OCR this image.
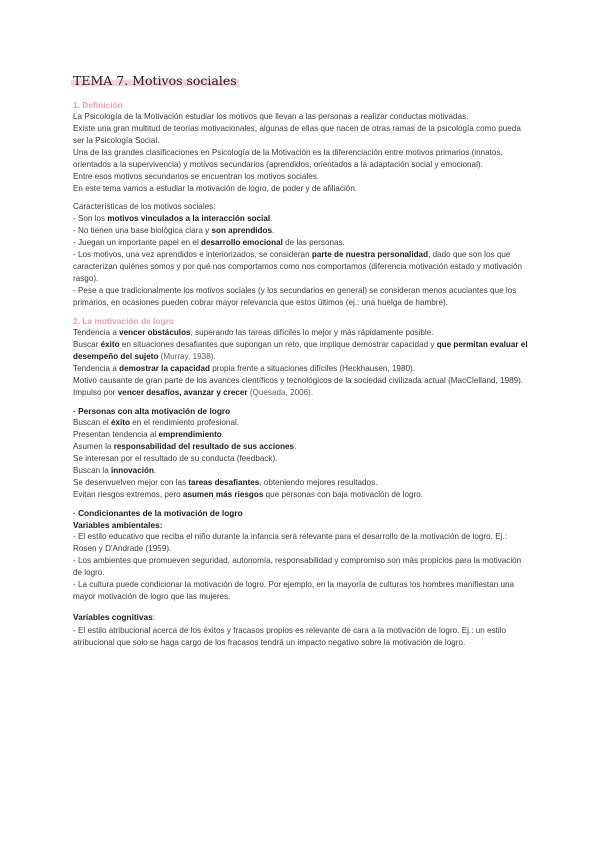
TEMA 7. Motivos sociales
1. Definición

La Psicología de la Motivación estudiar los motivos que llevan a las personas a realizar conductas motivadas.

Existe una gran multitud de teorías motivacionales, algunas de ellas que nacen de otras ramas de la psicología como pueda ser la Psicología Social.

Una de las grandes clasificaciones en Psicología de la Motivación es la diferenciación entre motivos primarios (innatos, orientados a la supervivencia) y motivos secundarios (aprendidos, orientados a la adaptación social y emocional).

Entre esos motivos secundarios se encuentran los motivos sociales.

En este tema vamos a estudiar la motivación de logro, de poder y de afiliación.

Características de los motivos sociales:

- Son los motivos vinculados a la interacción social.

- No tienen una base biológica clara y son aprendidos.

- Juegan un importante papel en el desarrollo emocional de las personas.

- Los motivos, una vez aprendidos e interiorizados, se consideran parte de nuestra personalidad, dado que son los que caracterizan quiénes somos y por qué nos comportamos como nos comportamos (diferencia motivación estado y motivación rasgo).

- Pese a que tradicionalmente los motivos sociales (y los secundarios en general) se consideran menos acuciantes que los primarios, en ocasiones pueden cobrar mayor relevancia que estos últimos (ej.: una huelga de hambre).

2. La motivación de logro

Tendencia a vencer obstáculos, superando las tareas difíciles lo mejor y más rápidamente posible.

Buscar éxito en situaciones desafiantes que supongan un reto, que implique demostrar capacidad y que permitan evaluar el desempeño del sujeto (Murray, 1938).

Tendencia a demostrar la capacidad propia frente a situaciones difíciles (Heckhausen, 1980).

Motivo causante de gran parte de los avances científicos y tecnológicos de la sociedad civilizada actual (MacClelland, 1989).

Impulso por vencer desafíos, avanzar y crecer (Quesada, 2006).

· Personas con alta motivación de logro

Buscan el éxito en el rendimiento profesional.

Presentan tendencia al emprendimiento.

Asumen la responsabilidad del resultado de sus acciones.

Se interesan por el resultado de su conducta (feedback).

Buscan la innovación.

Se desenvuelven mejor con las tareas desafiantes, obteniendo mejores resultados.

Evitan riesgos extremos, pero asumen más riesgos que personas con baja motivación de logro.

· Condicionantes de la motivación de logro
Variables ambientales:

- El estilo educativo que reciba el niño durante la infancia será relevante para el desarrollo de la motivación de logro. Ej.: Rosen y D'Andrade (1959).

- Los ambientes que promueven seguridad, autonomía, responsabilidad y compromiso son más propicios para la motivación de logro.

- La cultura puede condicionar la motivación de logro. Por ejemplo, en la mayoría de culturas los hombres manifiestan una mayor motivación de logro que las mujeres.

Variables cognitivas:

- El estilo atribucional acerca de los éxitos y fracasos propios es relevante de cara a la motivación de logro. Ej.: un estilo atribucional que solo se haga cargo de los fracasos tendrá un impacto negativo sobre la motivación de logro.
